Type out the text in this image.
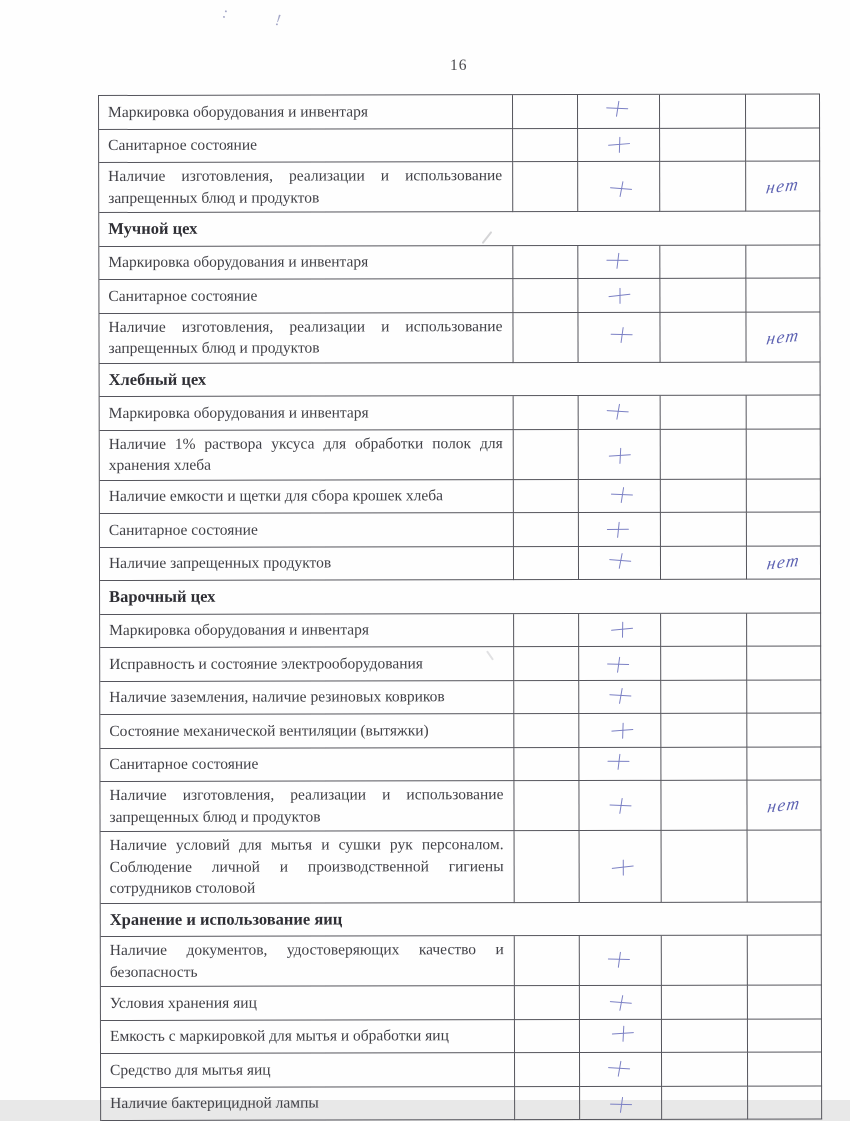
: !
16
Маркировка оборудования и инвентаря
Санитарное состояние
Наличие изготовления, реализации и использование запрещенных блюд и продуктов
нет
Мучной цех
Маркировка оборудования и инвентаря
Санитарное состояние
Наличие изготовления, реализации и использование запрещенных блюд и продуктов
нет
Хлебный цех
Маркировка оборудования и инвентаря
Наличие 1% раствора уксуса для обработки полок для хранения хлеба
Наличие емкости и щетки для сбора крошек хлеба
Санитарное состояние
Наличие запрещенных продуктов	нет
Варочный цех
Маркировка оборудования и инвентаря
Исправность и состояние электрооборудования
Наличие заземления, наличие резиновых ковриков
Состояние механической вентиляции (вытяжки)
Санитарное состояние
Наличие изготовления, реализации и использование запрещенных блюд и продуктов
нет
Наличие условий для мытья и сушки рук персоналом. Соблюдение личной и производственной гигиены сотрудников столовой
Хранение и использование яиц
Наличие документов, удостоверяющих качество и безопасность
Условия хранения яиц
Емкость с маркировкой для мытья и обработки яиц
Средство для мытья яиц
Наличие бактерицидной лампы
